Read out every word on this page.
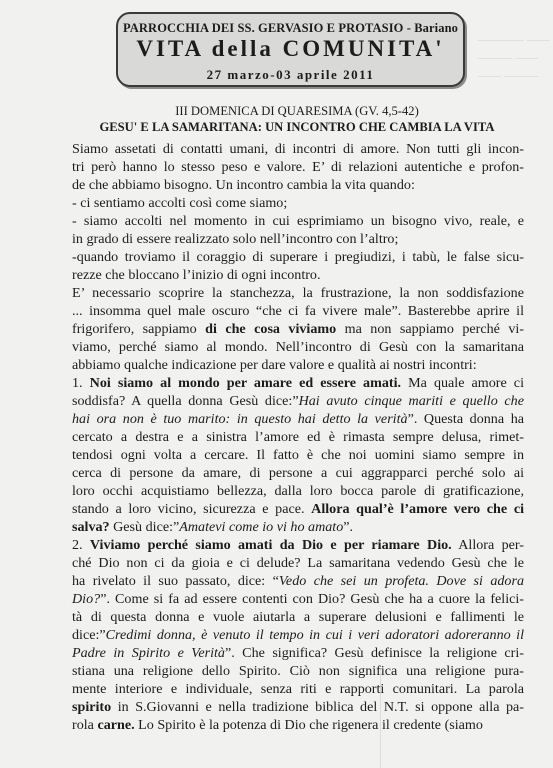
———— ——
——— ——
—— ———
PARROCCHIA DEI SS. GERVASIO E PROTASIO - Bariano
VITA della COMUNITA'
27 marzo-03 aprile 2011
III DOMENICA DI QUARESIMA (GV. 4,5-42)
GESU' E LA SAMARITANA: UN INCONTRO CHE CAMBIA LA VITA
Siamo assetati di contatti umani, di incontri di amore. Non tutti gli incon-
tri però hanno lo stesso peso e valore. E’ di relazioni autentiche e profon-
de che abbiamo bisogno. Un incontro cambia la vita quando:
- ci sentiamo accolti così come siamo;
- siamo accolti nel momento in cui esprimiamo un bisogno vivo, reale, e
in grado di essere realizzato solo nell’incontro con l’altro;
-quando troviamo il coraggio di superare i pregiudizi, i tabù, le false sicu-
rezze che bloccano l’inizio di ogni incontro.
E’ necessario scoprire la stanchezza, la frustrazione, la non soddisfazione
... insomma quel male oscuro “che ci fa vivere male”. Basterebbe aprire il
frigorifero, sappiamo di che cosa viviamo ma non sappiamo perché vi-
viamo, perché siamo al mondo. Nell’incontro di Gesù con la samaritana
abbiamo qualche indicazione per dare valore e qualità ai nostri incontri:
1. Noi siamo al mondo per amare ed essere amati. Ma quale amore ci
soddisfa? A quella donna Gesù dice:”Hai avuto cinque mariti e quello che
hai ora non è tuo marito: in questo hai detto la verità”. Questa donna ha
cercato a destra e a sinistra l’amore ed è rimasta sempre delusa, rimet-
tendosi ogni volta a cercare. Il fatto è che noi uomini siamo sempre in
cerca di persone da amare, di persone a cui aggrapparci perché solo ai
loro occhi acquistiamo bellezza, dalla loro bocca parole di gratificazione,
stando a loro vicino, sicurezza e pace. Allora qual’è l’amore vero che ci
salva? Gesù dice:”Amatevi come io vi ho amato”.
2. Viviamo perché siamo amati da Dio e per riamare Dio. Allora per-
ché Dio non ci da gioia e ci delude? La samaritana vedendo Gesù che le
ha rivelato il suo passato, dice: “Vedo che sei un profeta. Dove si adora
Dio?”. Come si fa ad essere contenti con Dio? Gesù che ha a cuore la felici-
tà di questa donna e vuole aiutarla a superare delusioni e fallimenti le
dice:”Credimi donna, è venuto il tempo in cui i veri adoratori adoreranno il
Padre in Spirito e Verità”. Che significa? Gesù definisce la religione cri-
stiana una religione dello Spirito. Ciò non significa una religione pura-
mente interiore e individuale, senza riti e rapporti comunitari. La parola
spirito in S.Giovanni e nella tradizione biblica del N.T. si oppone alla pa-
rola carne. Lo Spirito è la potenza di Dio che rigenera il credente (siamo
